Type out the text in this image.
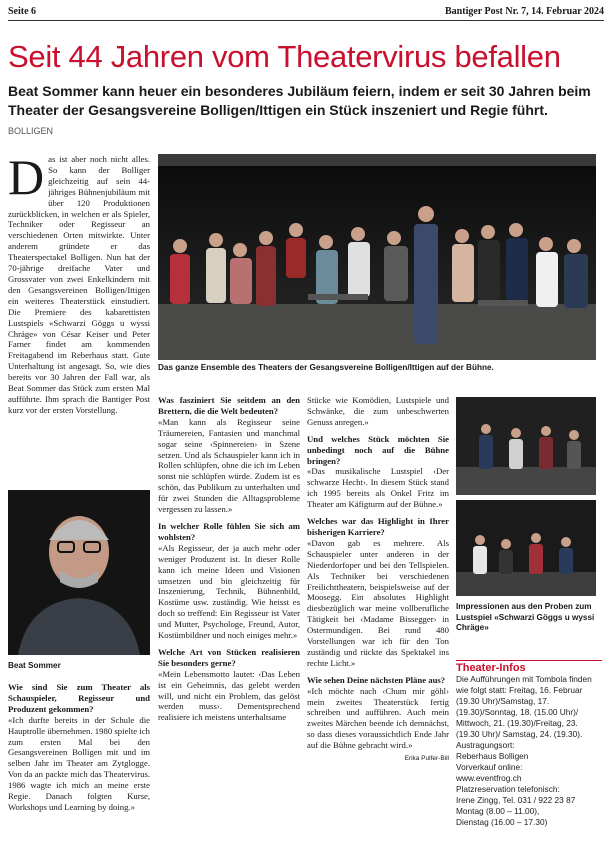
Seite 6	Bantiger Post Nr. 7, 14. Februar 2024
Seit 44 Jahren vom Theatervirus befallen

Beat Sommer kann heuer ein besonderes Jubiläum feiern, indem er seit 30 Jahren beim Theater der Gesangsvereine Bolligen/Ittigen ein Stück inszeniert und Regie führt.

BOLLIGEN
D as ist aber noch nicht alles. So kann der Bolliger gleichzeitig auf sein 44-jähriges Bühnenjubiläum mit über 120 Produktionen zurückblicken, in welchen er als Spieler, Techniker oder Regisseur an verschiedenen Orten mitwirkte. Unter anderem gründete er das Theaterspectakel Bolligen. Nun hat der 70-jährige dreifache Vater und Grossvater von zwei Enkelkindern mit den Gesangsvereinen Bolligen/Ittigen ein weiteres Theaterstück einstudiert. Die Premiere des kabarettisten Lustspiels «Schwarzi Göggs u wyssi Chräge» von César Keiser und Peter Farner findet am kommenden Freitagabend im Reberhaus statt. Gute Unterhaltung ist angesagt. So, wie dies bereits vor 30 Jahren der Fall war, als Beat Sommer das Stück zum ersten Mal aufführte. Ihm sprach die Bantiger Post kurz vor der ersten Vorstellung.
Das ganze Ensemble des Theaters der Gesangsvereine Bolligen/Ittigen auf der Bühne.
Beat Sommer

Wie sind Sie zum Theater als Schauspieler, Regisseur und Produzent gekommen?

«Ich durfte bereits in der Schule die Hauptrolle übernehmen. 1980 spielte ich zum ersten Mal bei den Gesangsvereinen Bolligen mit und im selben Jahr im Theater am Zytglogge. Von da an packte mich das Theatervirus. 1986 wagte ich mich an meine erste Regie. Danach folgten Kurse, Workshops und Learning by doing.»

Was fasziniert Sie seitdem an den Brettern, die die Welt bedeuten?

«Man kann als Regisseur seine Träumereien, Fantasien und manchmal sogar seine ‹Spinnereien› in Szene setzen. Und als Schauspieler kann ich in Rollen schlüpfen, ohne die ich im Leben sonst nie schlüpfen würde. Zudem ist es schön, das Publikum zu unterhalten und für zwei Stunden die Alltagsprobleme vergessen zu lassen.»

In welcher Rolle fühlen Sie sich am wohlsten?

«Als Regisseur, der ja auch mehr oder weniger Produzent ist. In dieser Rolle kann ich meine Ideen und Visionen umsetzen und bin gleichzeitig für Inszenierung, Technik, Bühnenbild, Kostüme usw. zuständig. Wie heisst es doch so treffend: Ein Regisseur ist Vater und Mutter, Psychologe, Freund, Autor, Kostümbildner und noch einiges mehr.»

Welche Art von Stücken realisieren Sie besonders gerne?

«Mein Lebensmotto lautet: ‹Das Leben ist ein Geheimnis, das gelebt werden will, und nicht ein Problem, das gelöst werden muss›. Dementsprechend realisiere ich meistens unterhaltsame

Stücke wie Komödien, Lustspiele und Schwänke, die zum unbeschwerten Genuss anregen.»

Und welches Stück möchten Sie unbedingt noch auf die Bühne bringen?

«Das musikalische Lustspiel ‹Der schwarze Hecht›. In diesem Stück stand ich 1995 bereits als Onkel Fritz im Theater am Käfigturm auf der Bühne.»

Welches war das Highlight in Ihrer bisherigen Karriere?

«Davon gab es mehrere. Als Schauspieler unter anderen in der Niederdorfoper und bei den Tellspielen. Als Techniker bei verschiedenen Freilichttheatern, beispielsweise auf der Moosegg. Ein absolutes Highlight diesbezüglich war meine vollberufliche Tätigkeit bei ‹Madame Bissegger› in Ostermundigen. Bei rund 480 Vorstellungen war ich für den Ton zuständig und rückte das Spektakel ins rechte Licht.»

Wie sehen Deine nächsten Pläne aus?

«Ich möchte nach ‹Chum mir göhl› mein zweites Theaterstück fertig schreiben und aufführen. Auch mein zweites Märchen beende ich demnächst, so dass dieses voraussichtlich Ende Jahr auf die Bühne gebracht wird.»
Erika Pulfer-Bill

Impressionen aus den Proben zum Lustspiel «Schwarzi Göggs u wyssi Chräge»
Theater-Infos
Die Aufführungen mit Tombola finden wie folgt statt: Freitag, 16. Februar (19.30 Uhr)/Samstag, 17. (19.30)/Sonntag, 18. (15.00 Uhr)/ Mittwoch, 21. (19.30)/Freitag, 23. (19.30 Uhr)/ Samstag, 24. (19.30).
Austragungsort:
Reberhaus Bolligen
Vorverkauf online:
www.eventfrog.ch
Platzreservation telefonisch:
Irene Zingg, Tel. 031 / 922 23 87
Montag (8.00 – 11.00),
Dienstag (16.00 – 17.30)
